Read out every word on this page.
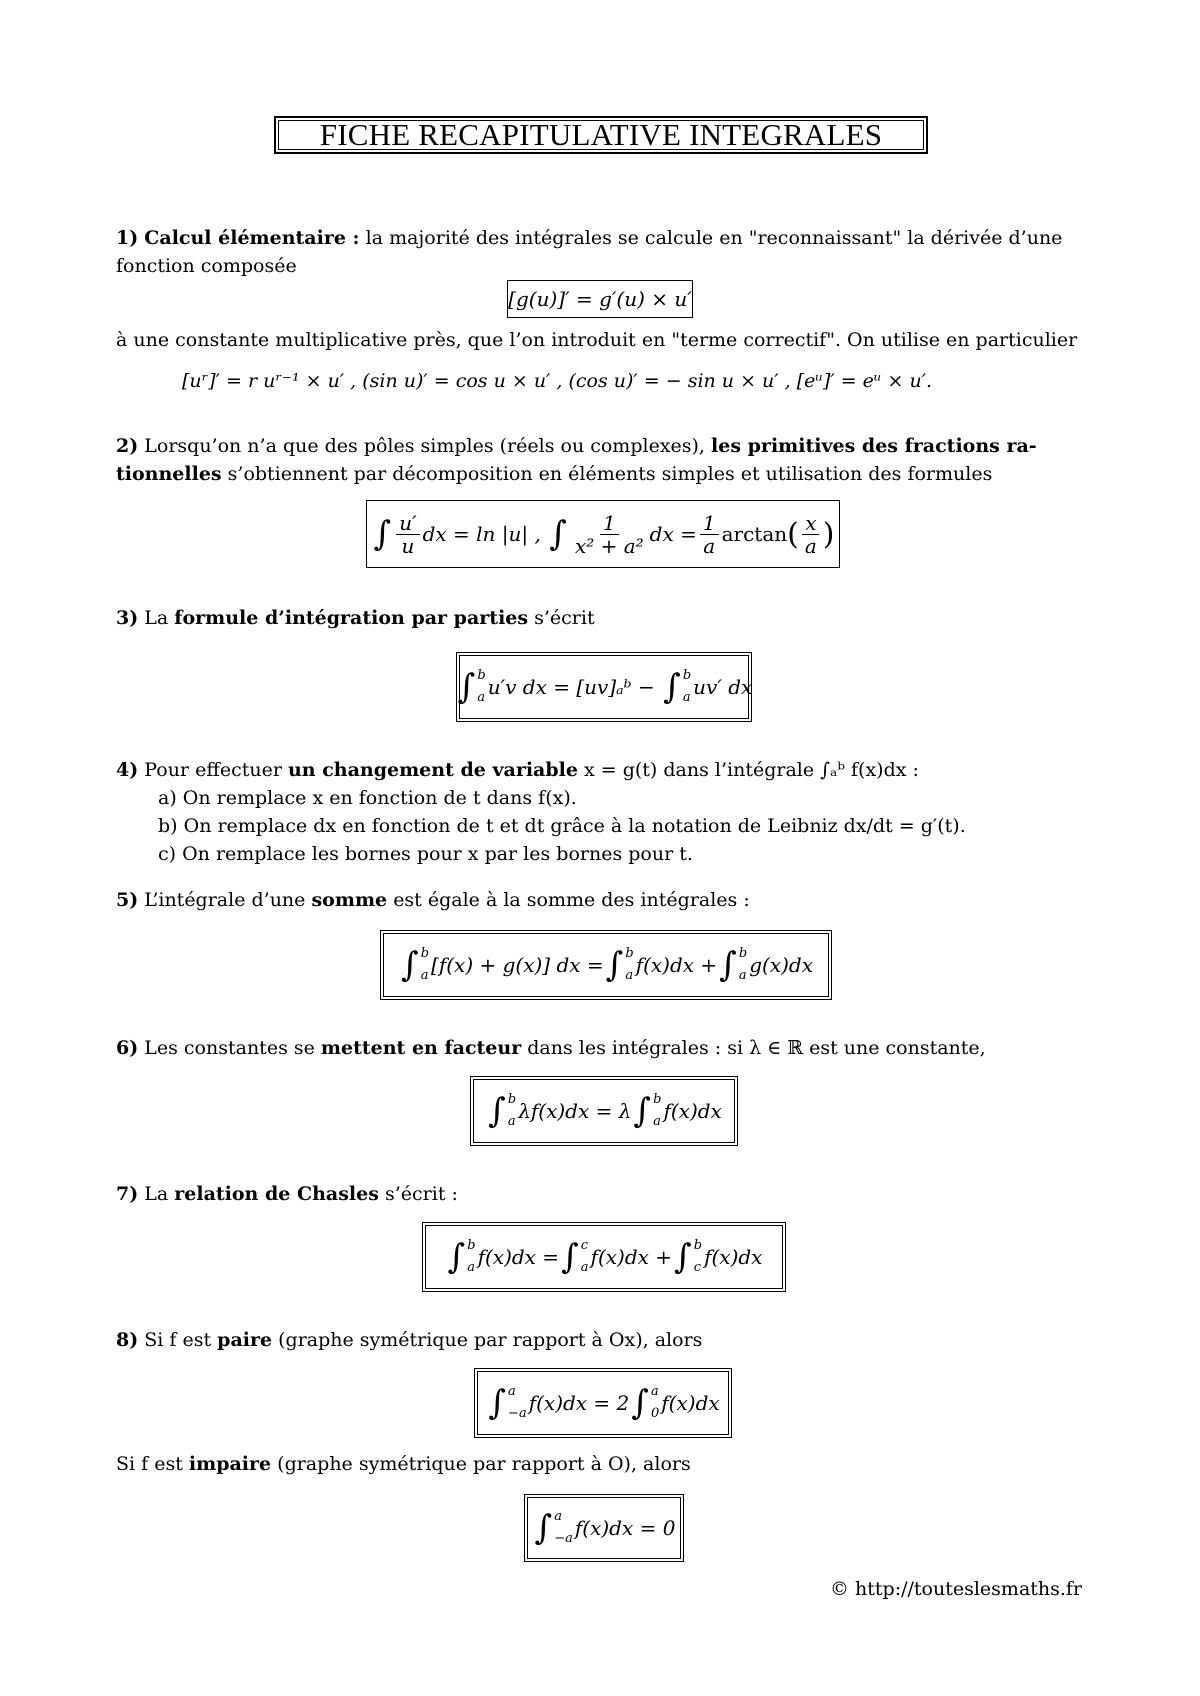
FICHE RECAPITULATIVE INTEGRALES
1) Calcul élémentaire : la majorité des intégrales se calcule en "reconnaissant" la dérivée d’une
fonction composée
[g(u)]′ = g′(u) × u′
à une constante multiplicative près, que l’on introduit en "terme correctif". On utilise en particulier
[uʳ]′ = r uʳ⁻¹ × u′ , (sin u)′ = cos u × u′ , (cos u)′ = − sin u × u′ , [eᵘ]′ = eᵘ × u′.
2) Lorsqu’on n’a que des pôles simples (réels ou complexes), les primitives des fractions ra-
tionnelles s’obtiennent par décomposition en éléments simples et utilisation des formules
∫ $\frac{u'}{u}$ dx = ln |u| ,
∫ $\frac{1}{\text{x² + a²}}$ dx = $\frac{1}{a}$ arctan ( $\frac{x}{a}$ )
3) La formule d’intégration par parties s’écrit
∫ b
a u′v dx = [uv]ₐᵇ −
∫ b
a uv′ dx
4) Pour effectuer un changement de variable x = g(t) dans l’intégrale ∫ₐᵇ f(x)dx :
a) On remplace x en fonction de t dans f(x).
b) On remplace dx en fonction de t et dt grâce à la notation de Leibniz dx/dt = g′(t).
c) On remplace les bornes pour x par les bornes pour t.
5) L’intégrale d’une somme est égale à la somme des intégrales :
∫ b
a [f(x) + g(x)] dx = ∫ b
a f(x)dx + ∫ b
a g(x)dx
6) Les constantes se mettent en facteur dans les intégrales : si λ ∈ ℝ est une constante,
∫ b
a λf(x)dx = λ ∫ b
a f(x)dx
7) La relation de Chasles s’écrit :
∫ b
a f(x)dx = ∫ c
a f(x)dx + ∫ b
c f(x)dx
8) Si f est paire (graphe symétrique par rapport à Ox), alors
∫ a
−a f(x)dx = 2 ∫ a
0 f(x)dx
Si f est impaire (graphe symétrique par rapport à O), alors
∫ a
−a f(x)dx = 0
© http://touteslesmaths.fr
